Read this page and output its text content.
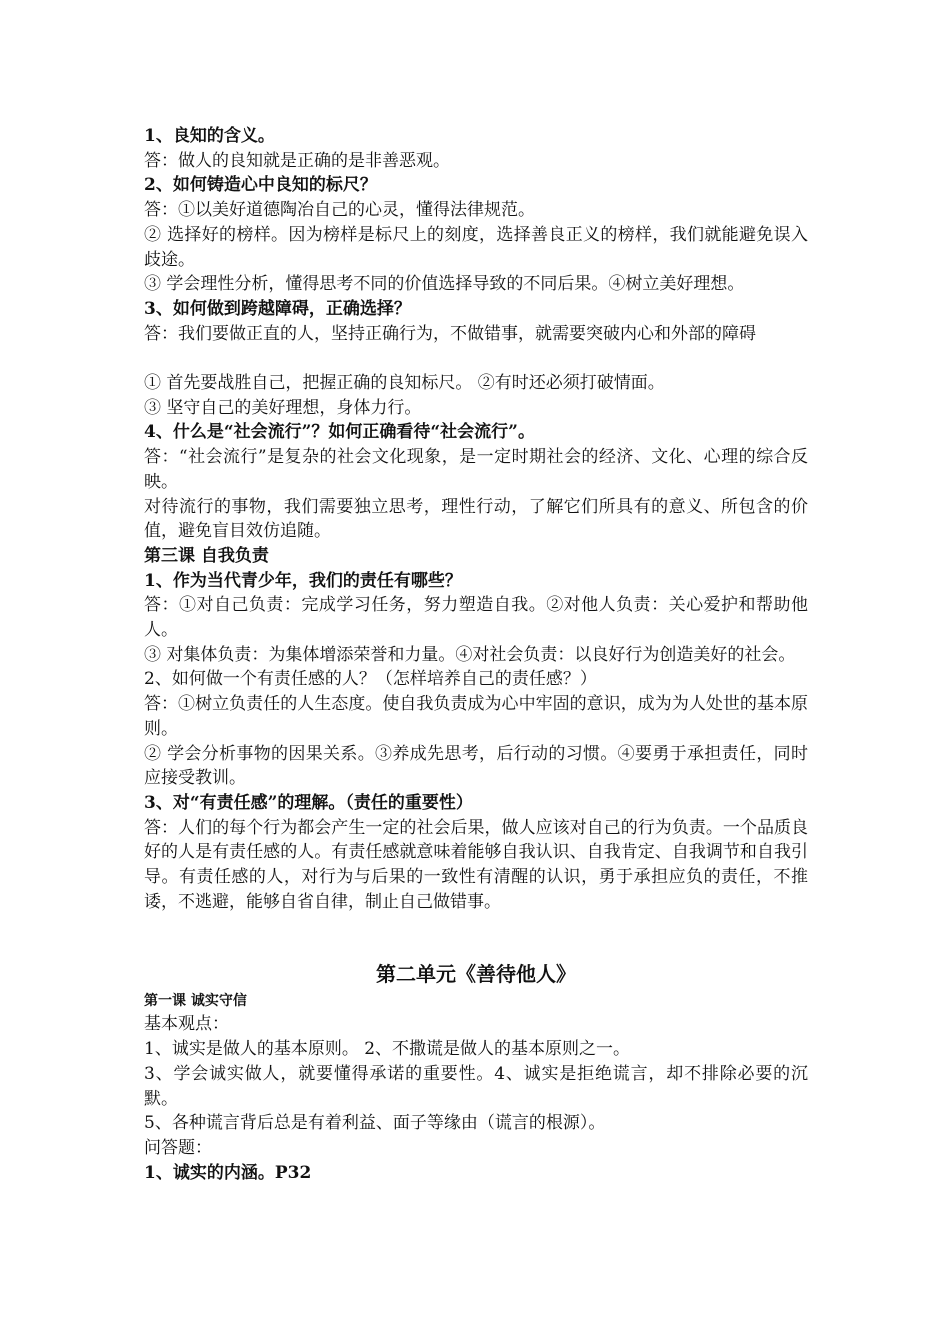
1、良知的含义。

答：做人的良知就是正确的是非善恶观。

2、如何铸造心中良知的标尺？

答：①以美好道德陶冶自己的心灵，懂得法律规范。

② 选择好的榜样。因为榜样是标尺上的刻度，选择善良正义的榜样，我们就能避免误入歧途。

③ 学会理性分析，懂得思考不同的价值选择导致的不同后果。④树立美好理想。

3、如何做到跨越障碍，正确选择？

答：我们要做正直的人，坚持正确行为，不做错事，就需要突破内心和外部的障碍

① 首先要战胜自己，把握正确的良知标尺。 ②有时还必须打破情面。

③ 坚守自己的美好理想，身体力行。

4、什么是“社会流行”？如何正确看待“社会流行”。

答：“社会流行”是复杂的社会文化现象，是一定时期社会的经济、文化、心理的综合反映。

对待流行的事物，我们需要独立思考，理性行动，了解它们所具有的意义、所包含的价值，避免盲目效仿追随。

第三课 自我负责

1、作为当代青少年，我们的责任有哪些？

答：①对自己负责：完成学习任务，努力塑造自我。②对他人负责：关心爱护和帮助他人。

③ 对集体负责：为集体增添荣誉和力量。④对社会负责：以良好行为创造美好的社会。

2、如何做一个有责任感的人？（怎样培养自己的责任感？）

答：①树立负责任的人生态度。使自我负责成为心中牢固的意识，成为为人处世的基本原则。

② 学会分析事物的因果关系。③养成先思考，后行动的习惯。④要勇于承担责任，同时应接受教训。

3、对“有责任感”的理解。（责任的重要性）

答：人们的每个行为都会产生一定的社会后果，做人应该对自己的行为负责。一个品质良好的人是有责任感的人。有责任感就意味着能够自我认识、自我肯定、自我调节和自我引导。有责任感的人，对行为与后果的一致性有清醒的认识，勇于承担应负的责任，不推诿，不逃避，能够自省自律，制止自己做错事。

第二单元《善待他人》

第一课 诚实守信

基本观点：

1、诚实是做人的基本原则。 2、不撒谎是做人的基本原则之一。

3、学会诚实做人，就要懂得承诺的重要性。4、诚实是拒绝谎言，却不排除必要的沉默。

5、各种谎言背后总是有着利益、面子等缘由（谎言的根源）。

问答题：

1、诚实的内涵。P32
